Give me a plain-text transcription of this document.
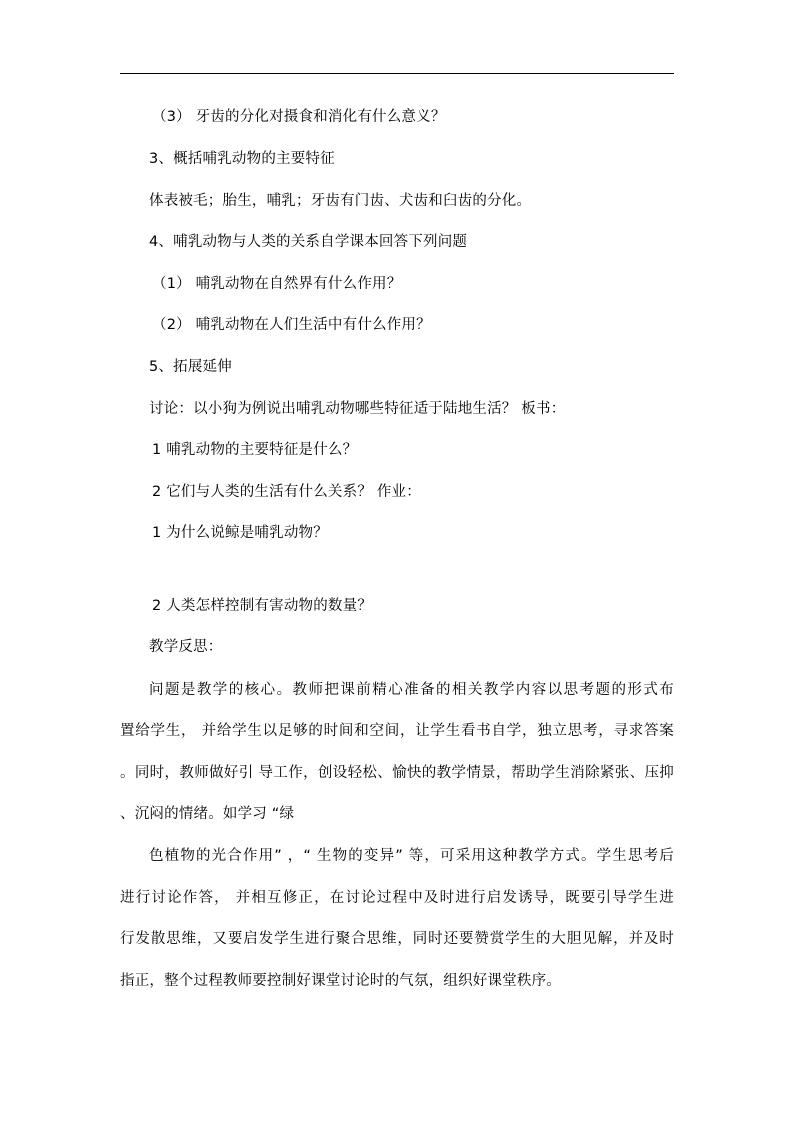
（3） 牙齿的分化对摄食和消化有什么意义？
3、概括哺乳动物的主要特征
体表被毛；胎生，哺乳；牙齿有门齿、犬齿和臼齿的分化。
4、哺乳动物与人类的关系自学课本回答下列问题
（1） 哺乳动物在自然界有什么作用？
（2） 哺乳动物在人们生活中有什么作用？
5、拓展延伸
讨论：以小狗为例说出哺乳动物哪些特征适于陆地生活？ 板书：
1 哺乳动物的主要特征是什么？
2 它们与人类的生活有什么关系？ 作业：
1 为什么说鲸是哺乳动物？
2 人类怎样控制有害动物的数量？
教学反思：
问题是教学的核心。教师把课前精心准备的相关教学内容以思考题的形式布
置给学生， 并给学生以足够的时间和空间，让学生看书自学，独立思考，寻求答案
。同时，教师做好引 导工作，创设轻松、愉快的教学情景，帮助学生消除紧张、压抑
、沉闷的情绪。如学习 “绿
色植物的光合作用” ，“ 生物的变异” 等，可采用这种教学方式。学生思考后
进行讨论作答， 并相互修正，在讨论过程中及时进行启发诱导，既要引导学生进
行发散思维，又要启发学生进行聚合思维，同时还要赞赏学生的大胆见解，并及时
指正，整个过程教师要控制好课堂讨论时的气氛，组织好课堂秩序。
